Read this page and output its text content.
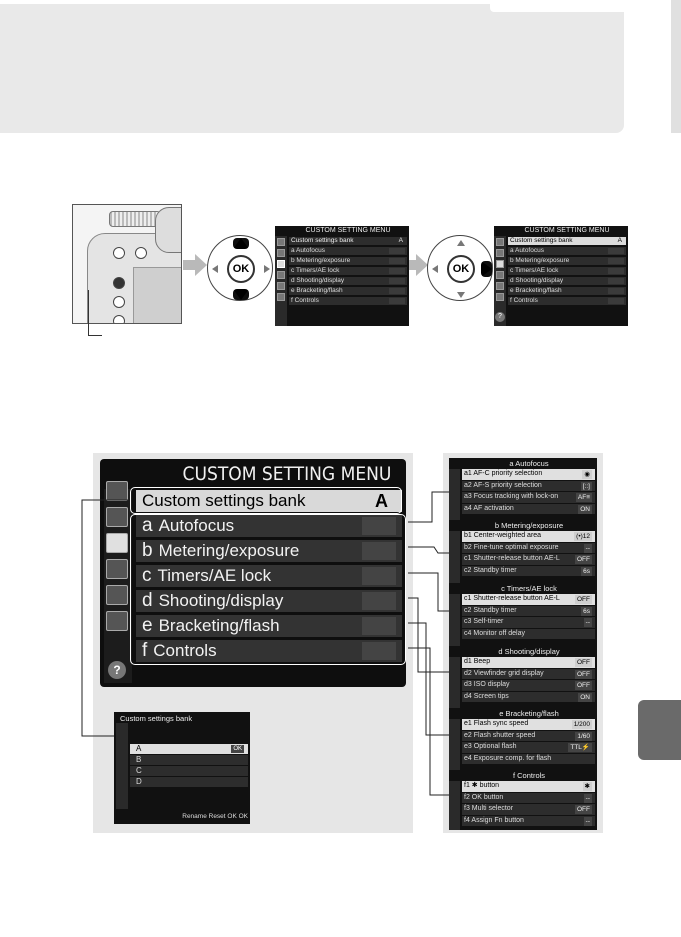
OK	OK
CUSTOM SETTING MENU
Custom settings bank	A
a Autofocus
b Metering/exposure
c Timers/AE lock
d Shooting/display
e Bracketing/flash
f Controls
CUSTOM SETTING MENU
Custom settings bank	A
a Autofocus
b Metering/exposure
c Timers/AE lock
d Shooting/display
e Bracketing/flash
f Controls
?
CUSTOM SETTING MENU
?
Custom settings bank	A
a Autofocus
b Metering/exposure
c Timers/AE lock
d Shooting/display
e Bracketing/flash
f Controls
Custom settings bank
A	OK
B
C
D
Rename Reset OK OK
a Autofocus
a1 AF-C priority selection	◉
a2 AF-S priority selection	[::]
a3 Focus tracking with lock-on	AF≡
a4 AF activation	ON
b Metering/exposure
b1 Center-weighted area	(•)12
b2 Fine-tune optimal exposure	--
c1 Shutter-release button AE-L	OFF
c2 Standby timer	6s
c Timers/AE lock
c1 Shutter-release button AE-L	OFF
c2 Standby timer	6s
c3 Self-timer	--
c4 Monitor off delay
d Shooting/display
d1 Beep	OFF
d2 Viewfinder grid display	OFF
d3 ISO display	OFF
d4 Screen tips	ON
e Bracketing/flash
e1 Flash sync speed	1/200
e2 Flash shutter speed	1/60
e3 Optional flash	TTL⚡
e4 Exposure comp. for flash
f Controls
f1 ✱ button	✱
f2 OK button	--
f3 Multi selector	OFF
f4 Assign Fn button	--
